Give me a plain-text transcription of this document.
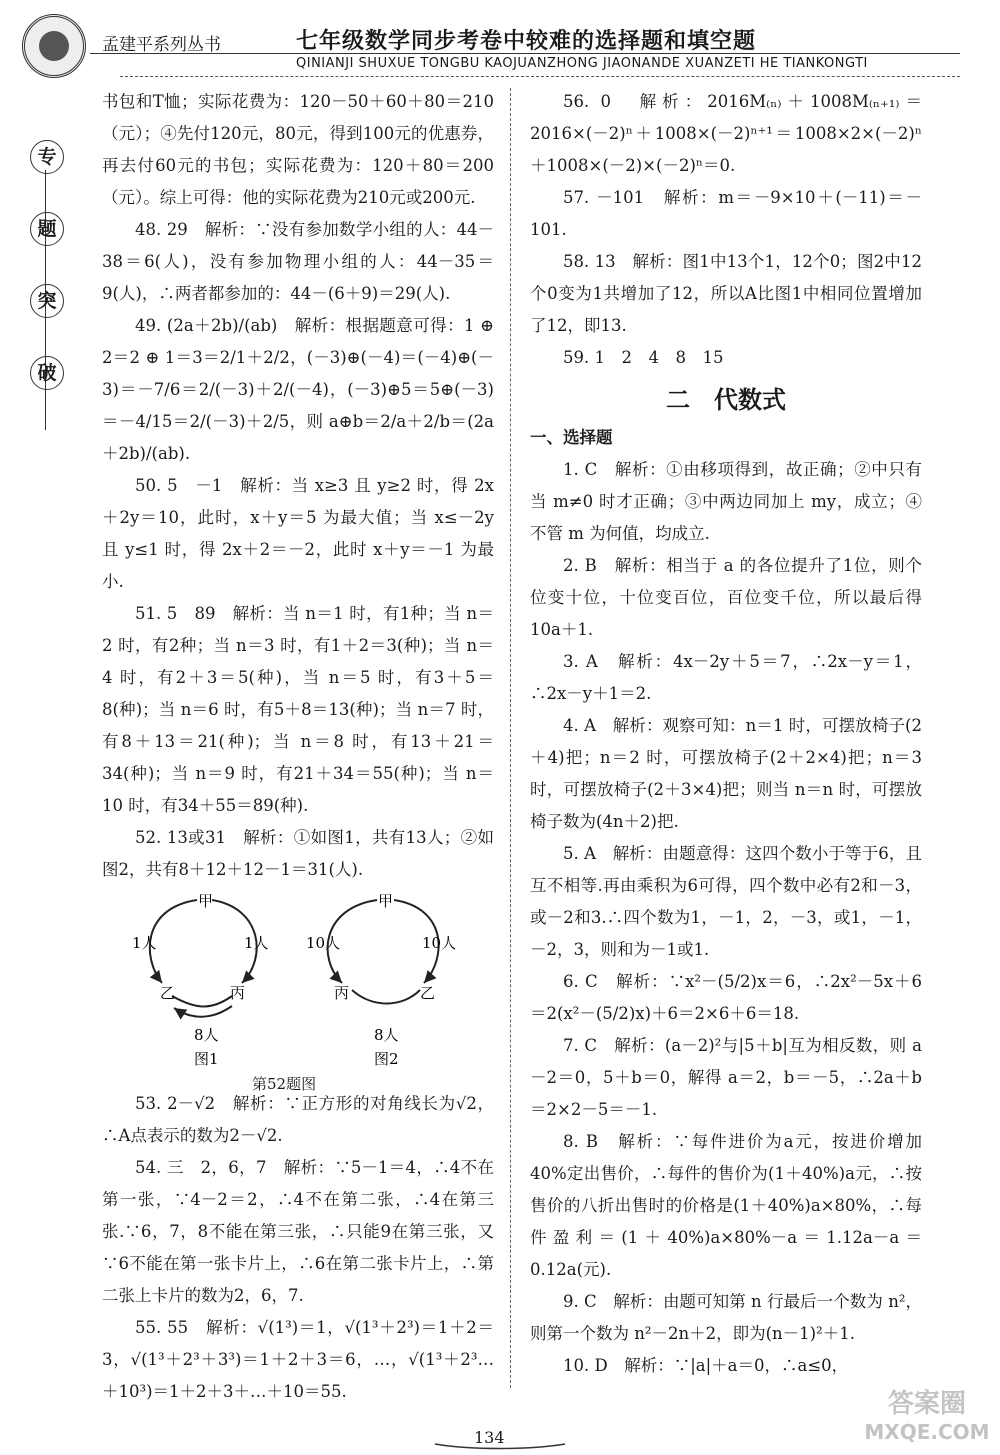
孟建平系列丛书	七年级数学同步考卷中较难的选择题和填空题
QINIANJI SHUXUE TONGBU KAOJUANZHONG JIAONANDE XUANZETI HE TIANKONGTI
专
题
突
破

书包和T恤；实际花费为：120－50＋60＋80＝210（元）；④先付120元，80元，得到100元的优惠券，再去付60元的书包；实际花费为：120＋80＝200（元）。综上可得：他的实际花费为210元或200元.

48. 29　解析：∵没有参加数学小组的人：44－38＝6(人)，没有参加物理小组的人：44－35＝9(人)，∴两者都参加的：44－(6＋9)＝29(人).

49. (2a＋2b)/(ab)　解析：根据题意可得：1 ⊕ 2＝2 ⊕ 1＝3＝2/1＋2/2，(－3)⊕(－4)＝(－4)⊕(－3)＝－7/6＝2/(－3)＋2/(－4)，(－3)⊕5＝5⊕(－3)＝－4/15＝2/(－3)＋2/5，则 a⊕b＝2/a＋2/b＝(2a＋2b)/(ab).

50. 5　－1　解析：当 x≥3 且 y≥2 时，得 2x＋2y＝10，此时，x＋y＝5 为最大值；当 x≤－2y 且 y≤1 时，得 2x＋2＝－2，此时 x＋y＝－1 为最小.

51. 5　89　解析：当 n＝1 时，有1种；当 n＝2 时，有2种；当 n＝3 时，有1＋2＝3(种)；当 n＝4 时，有2＋3＝5(种)，当 n＝5 时，有3＋5＝8(种)；当 n＝6 时，有5＋8＝13(种)；当 n＝7 时，有8＋13＝21(种)；当 n＝8 时，有13＋21＝34(种)；当 n＝9 时，有21＋34＝55(种)；当 n＝10 时，有34＋55＝89(种).

52. 13或31　解析：①如图1，共有13人；②如图2，共有8＋12＋12－1＝31(人).

甲
1人	1人
乙	丙
8人
图1
甲
10人	10人
丙	乙
8人
图2
第52题图

53. 2－√2　解析：∵正方形的对角线长为√2，∴A点表示的数为2－√2.

54. 三　2，6，7　解析：∵5－1＝4，∴4不在第一张，∵4－2＝2，∴4不在第二张，∴4在第三张.∵6，7，8不能在第三张，∴只能9在第三张，又∵6不能在第一张卡片上，∴6在第二张卡片上，∴第二张上卡片的数为2，6，7.

55. 55　解析：√(1³)＝1，√(1³＋2³)＝1＋2＝3，√(1³＋2³＋3³)＝1＋2＋3＝6，…，√(1³＋2³…＋10³)＝1＋2＋3＋…＋10＝55.

56. 0　解析：2016M₍ₙ₎＋1008M₍ₙ₊₁₎＝2016×(－2)ⁿ＋1008×(－2)ⁿ⁺¹＝1008×2×(－2)ⁿ＋1008×(－2)×(－2)ⁿ＝0.

57. －101　解析：m＝－9×10＋(－11)＝－101.

58. 13　解析：图1中13个1，12个0；图2中12个0变为1共增加了12，所以A比图1中相同位置增加了12，即13.

59. 1　2　4　8　15

二　代数式

一、选择题

1. C　解析：①由移项得到，故正确；②中只有当 m≠0 时才正确；③中两边同加上 my，成立；④不管 m 为何值，均成立.

2. B　解析：相当于 a 的各位提升了1位，则个位变十位，十位变百位，百位变千位，所以最后得 10a＋1.

3. A　解析：4x－2y＋5＝7，∴2x－y＝1，∴2x－y＋1＝2.

4. A　解析：观察可知：n＝1 时，可摆放椅子(2＋4)把；n＝2 时，可摆放椅子(2＋2×4)把；n＝3 时，可摆放椅子(2＋3×4)把；则当 n＝n 时，可摆放椅子数为(4n＋2)把.

5. A　解析：由题意得：这四个数小于等于6，且互不相等.再由乘积为6可得，四个数中必有2和－3，或－2和3.∴四个数为1，－1，2，－3，或1，－1，－2，3，则和为－1或1.

6. C　解析：∵x²－(5/2)x＝6，∴2x²－5x＋6＝2(x²－(5/2)x)＋6＝2×6＋6＝18.

7. C　解析：(a－2)²与|5＋b|互为相反数，则 a－2＝0，5＋b＝0，解得 a＝2，b＝－5，∴2a＋b＝2×2－5＝－1.

8. B　解析：∵每件进价为a元，按进价增加40%定出售价，∴每件的售价为(1＋40%)a元，∴按售价的八折出售时的价格是(1＋40%)a×80%，∴每件盈利＝(1＋40%)a×80%－a＝1.12a－a＝0.12a(元).

9. C　解析：由题可知第 n 行最后一个数为 n²，则第一个数为 n²－2n＋2，即为(n－1)²＋1.

10. D　解析：∵|a|＋a＝0，∴a≤0，

134
答案圈
MXQE.COM
